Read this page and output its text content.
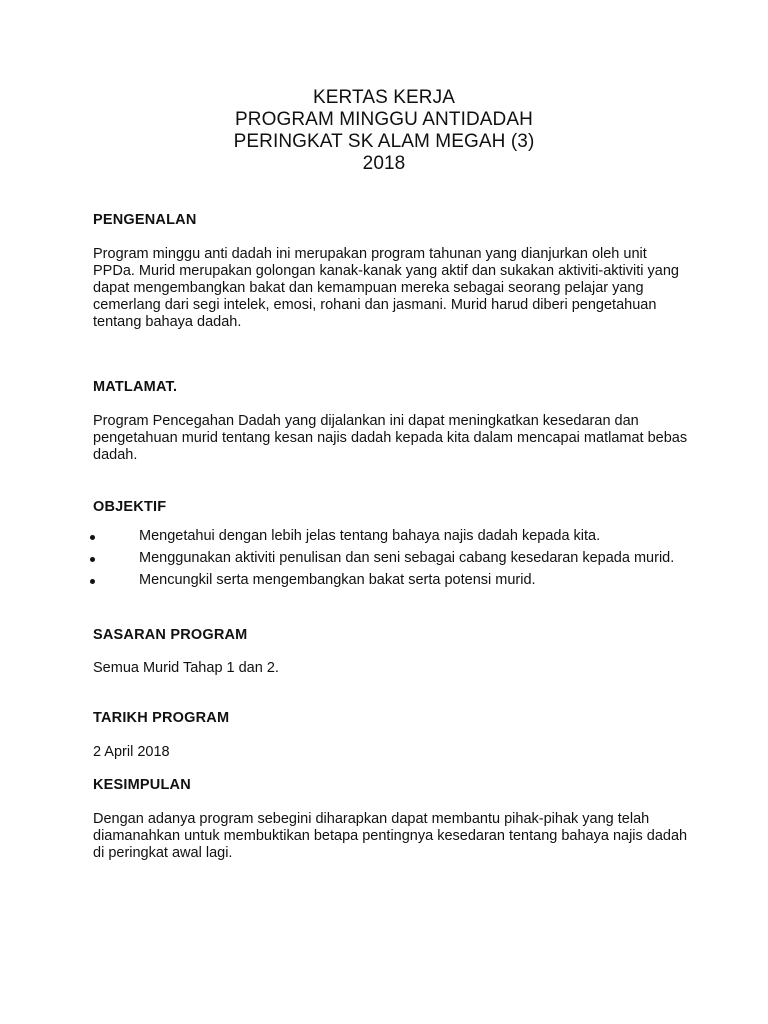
KERTAS KERJA
PROGRAM MINGGU ANTIDADAH
PERINGKAT SK ALAM MEGAH (3)
2018
PENGENALAN
Program minggu anti dadah ini merupakan program tahunan yang dianjurkan oleh unit
PPDa. Murid merupakan golongan kanak-kanak yang aktif dan sukakan aktiviti-aktiviti yang
dapat mengembangkan bakat dan kemampuan mereka sebagai seorang pelajar yang
cemerlang dari segi intelek, emosi, rohani dan jasmani. Murid harud diberi pengetahuan
tentang bahaya dadah.
MATLAMAT.
Program Pencegahan Dadah yang dijalankan ini dapat meningkatkan kesedaran dan
pengetahuan murid tentang kesan najis dadah kepada kita dalam mencapai matlamat bebas
dadah.
OBJEKTIF
Mengetahui dengan lebih jelas tentang bahaya najis dadah kepada kita.
Menggunakan aktiviti penulisan dan seni sebagai cabang kesedaran kepada murid.
Mencungkil serta mengembangkan bakat serta potensi murid.
SASARAN PROGRAM
Semua Murid Tahap 1 dan 2.
TARIKH PROGRAM
2 April 2018
KESIMPULAN
Dengan adanya program sebegini diharapkan dapat membantu pihak-pihak yang telah
diamanahkan untuk membuktikan betapa pentingnya kesedaran tentang bahaya najis dadah
di peringkat awal lagi.
